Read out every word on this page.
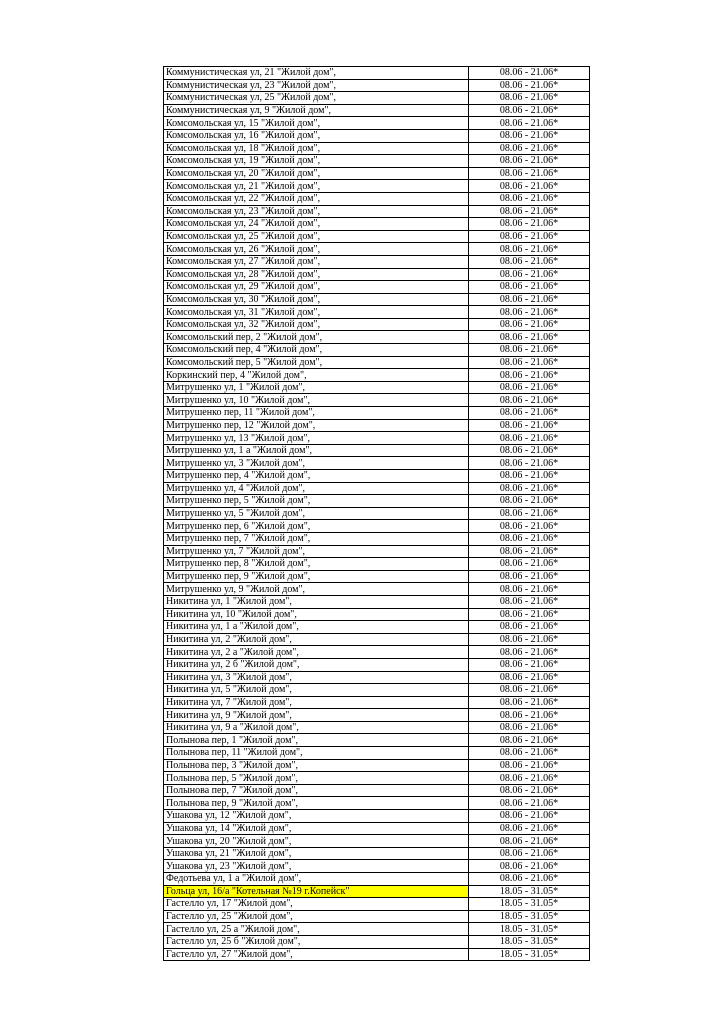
Коммунистическая ул, 21 "Жилой дом",	08.06 - 21.06*
Коммунистическая ул, 23 "Жилой дом",	08.06 - 21.06*
Коммунистическая ул, 25 "Жилой дом",	08.06 - 21.06*
Коммунистическая ул, 9 "Жилой дом",	08.06 - 21.06*
Комсомольская ул, 15 "Жилой дом",	08.06 - 21.06*
Комсомольская ул, 16 "Жилой дом",	08.06 - 21.06*
Комсомольская ул, 18 "Жилой дом",	08.06 - 21.06*
Комсомольская ул, 19 "Жилой дом",	08.06 - 21.06*
Комсомольская ул, 20 "Жилой дом",	08.06 - 21.06*
Комсомольская ул, 21 "Жилой дом",	08.06 - 21.06*
Комсомольская ул, 22 "Жилой дом",	08.06 - 21.06*
Комсомольская ул, 23 "Жилой дом",	08.06 - 21.06*
Комсомольская ул, 24 "Жилой дом",	08.06 - 21.06*
Комсомольская ул, 25 "Жилой дом",	08.06 - 21.06*
Комсомольская ул, 26 "Жилой дом",	08.06 - 21.06*
Комсомольская ул, 27 "Жилой дом",	08.06 - 21.06*
Комсомольская ул, 28 "Жилой дом",	08.06 - 21.06*
Комсомольская ул, 29 "Жилой дом",	08.06 - 21.06*
Комсомольская ул, 30 "Жилой дом",	08.06 - 21.06*
Комсомольская ул, 31 "Жилой дом",	08.06 - 21.06*
Комсомольская ул, 32 "Жилой дом",	08.06 - 21.06*
Комсомольский пер, 2 "Жилой дом",	08.06 - 21.06*
Комсомольский пер, 4 "Жилой дом",	08.06 - 21.06*
Комсомольский пер, 5 "Жилой дом",	08.06 - 21.06*
Коркинский пер, 4 "Жилой дом",	08.06 - 21.06*
Митрушенко ул, 1 "Жилой дом",	08.06 - 21.06*
Митрушенко ул, 10 "Жилой дом",	08.06 - 21.06*
Митрушенко пер, 11 "Жилой дом",	08.06 - 21.06*
Митрушенко пер, 12 "Жилой дом",	08.06 - 21.06*
Митрушенко ул, 13 "Жилой дом",	08.06 - 21.06*
Митрушенко ул, 1 а "Жилой дом",	08.06 - 21.06*
Митрушенко ул, 3 "Жилой дом",	08.06 - 21.06*
Митрушенко пер, 4 "Жилой дом",	08.06 - 21.06*
Митрушенко ул, 4 "Жилой дом",	08.06 - 21.06*
Митрушенко пер, 5 "Жилой дом",	08.06 - 21.06*
Митрушенко ул, 5 "Жилой дом",	08.06 - 21.06*
Митрушенко пер, 6 "Жилой дом",	08.06 - 21.06*
Митрушенко пер, 7 "Жилой дом",	08.06 - 21.06*
Митрушенко ул, 7 "Жилой дом",	08.06 - 21.06*
Митрушенко пер, 8 "Жилой дом",	08.06 - 21.06*
Митрушенко пер, 9 "Жилой дом",	08.06 - 21.06*
Митрушенко ул, 9 "Жилой дом",	08.06 - 21.06*
Никитина ул, 1 "Жилой дом",	08.06 - 21.06*
Никитина ул, 10 "Жилой дом",	08.06 - 21.06*
Никитина ул, 1 а "Жилой дом",	08.06 - 21.06*
Никитина ул, 2 "Жилой дом",	08.06 - 21.06*
Никитина ул, 2 а "Жилой дом",	08.06 - 21.06*
Никитина ул, 2 б "Жилой дом",	08.06 - 21.06*
Никитина ул, 3 "Жилой дом",	08.06 - 21.06*
Никитина ул, 5 "Жилой дом",	08.06 - 21.06*
Никитина ул, 7 "Жилой дом",	08.06 - 21.06*
Никитина ул, 9 "Жилой дом",	08.06 - 21.06*
Никитина ул, 9 а "Жилой дом",	08.06 - 21.06*
Полынова пер, 1 "Жилой дом",	08.06 - 21.06*
Полынова пер, 11 "Жилой дом",	08.06 - 21.06*
Полынова пер, 3 "Жилой дом",	08.06 - 21.06*
Полынова пер, 5 "Жилой дом",	08.06 - 21.06*
Полынова пер, 7 "Жилой дом",	08.06 - 21.06*
Полынова пер, 9 "Жилой дом",	08.06 - 21.06*
Ушакова ул, 12 "Жилой дом",	08.06 - 21.06*
Ушакова ул, 14 "Жилой дом",	08.06 - 21.06*
Ушакова ул, 20 "Жилой дом",	08.06 - 21.06*
Ушакова ул, 21 "Жилой дом",	08.06 - 21.06*
Ушакова ул, 23 "Жилой дом",	08.06 - 21.06*
Федотьева ул, 1 а "Жилой дом",	08.06 - 21.06*
Гольца ул, 16/а "Котельная №19 г.Копейск"	18.05 - 31.05*
Гастелло ул, 17 "Жилой дом",	18.05 - 31.05*
Гастелло ул, 25 "Жилой дом",	18.05 - 31.05*
Гастелло ул, 25 а "Жилой дом",	18.05 - 31.05*
Гастелло ул, 25 б "Жилой дом",	18.05 - 31.05*
Гастелло ул, 27 "Жилой дом",	18.05 - 31.05*
